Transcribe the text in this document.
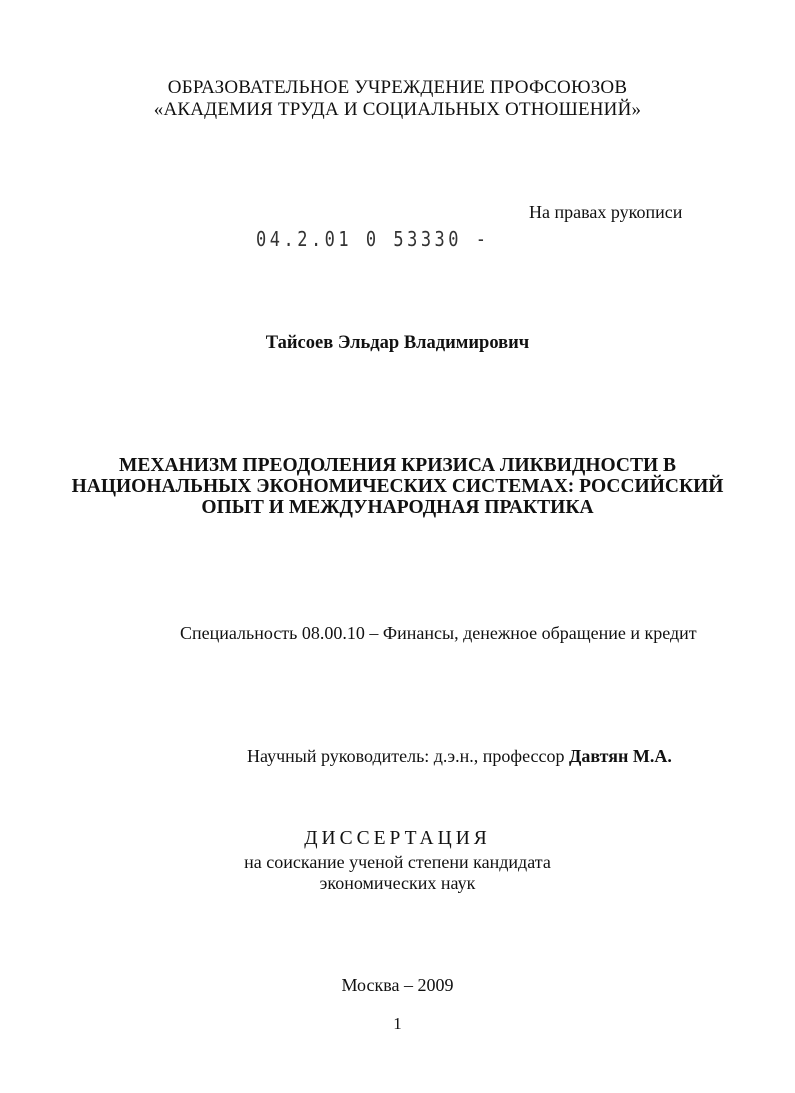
ОБРАЗОВАТЕЛЬНОЕ УЧРЕЖДЕНИЕ ПРОФСОЮЗОВ
«АКАДЕМИЯ ТРУДА И СОЦИАЛЬНЫХ ОТНОШЕНИЙ»
На правах рукописи
04.2.01 0 53330 -
Тайсоев Эльдар Владимирович
МЕХАНИЗМ ПРЕОДОЛЕНИЯ КРИЗИСА ЛИКВИДНОСТИ В
НАЦИОНАЛЬНЫХ ЭКОНОМИЧЕСКИХ СИСТЕМАХ: РОССИЙСКИЙ
ОПЫТ И МЕЖДУНАРОДНАЯ ПРАКТИКА
Специальность 08.00.10 – Финансы, денежное обращение и кредит
Научный руководитель: д.э.н., профессор Давтян М.А.
ДИССЕРТАЦИЯ
на соискание ученой степени кандидата
экономических наук
Москва – 2009
1
